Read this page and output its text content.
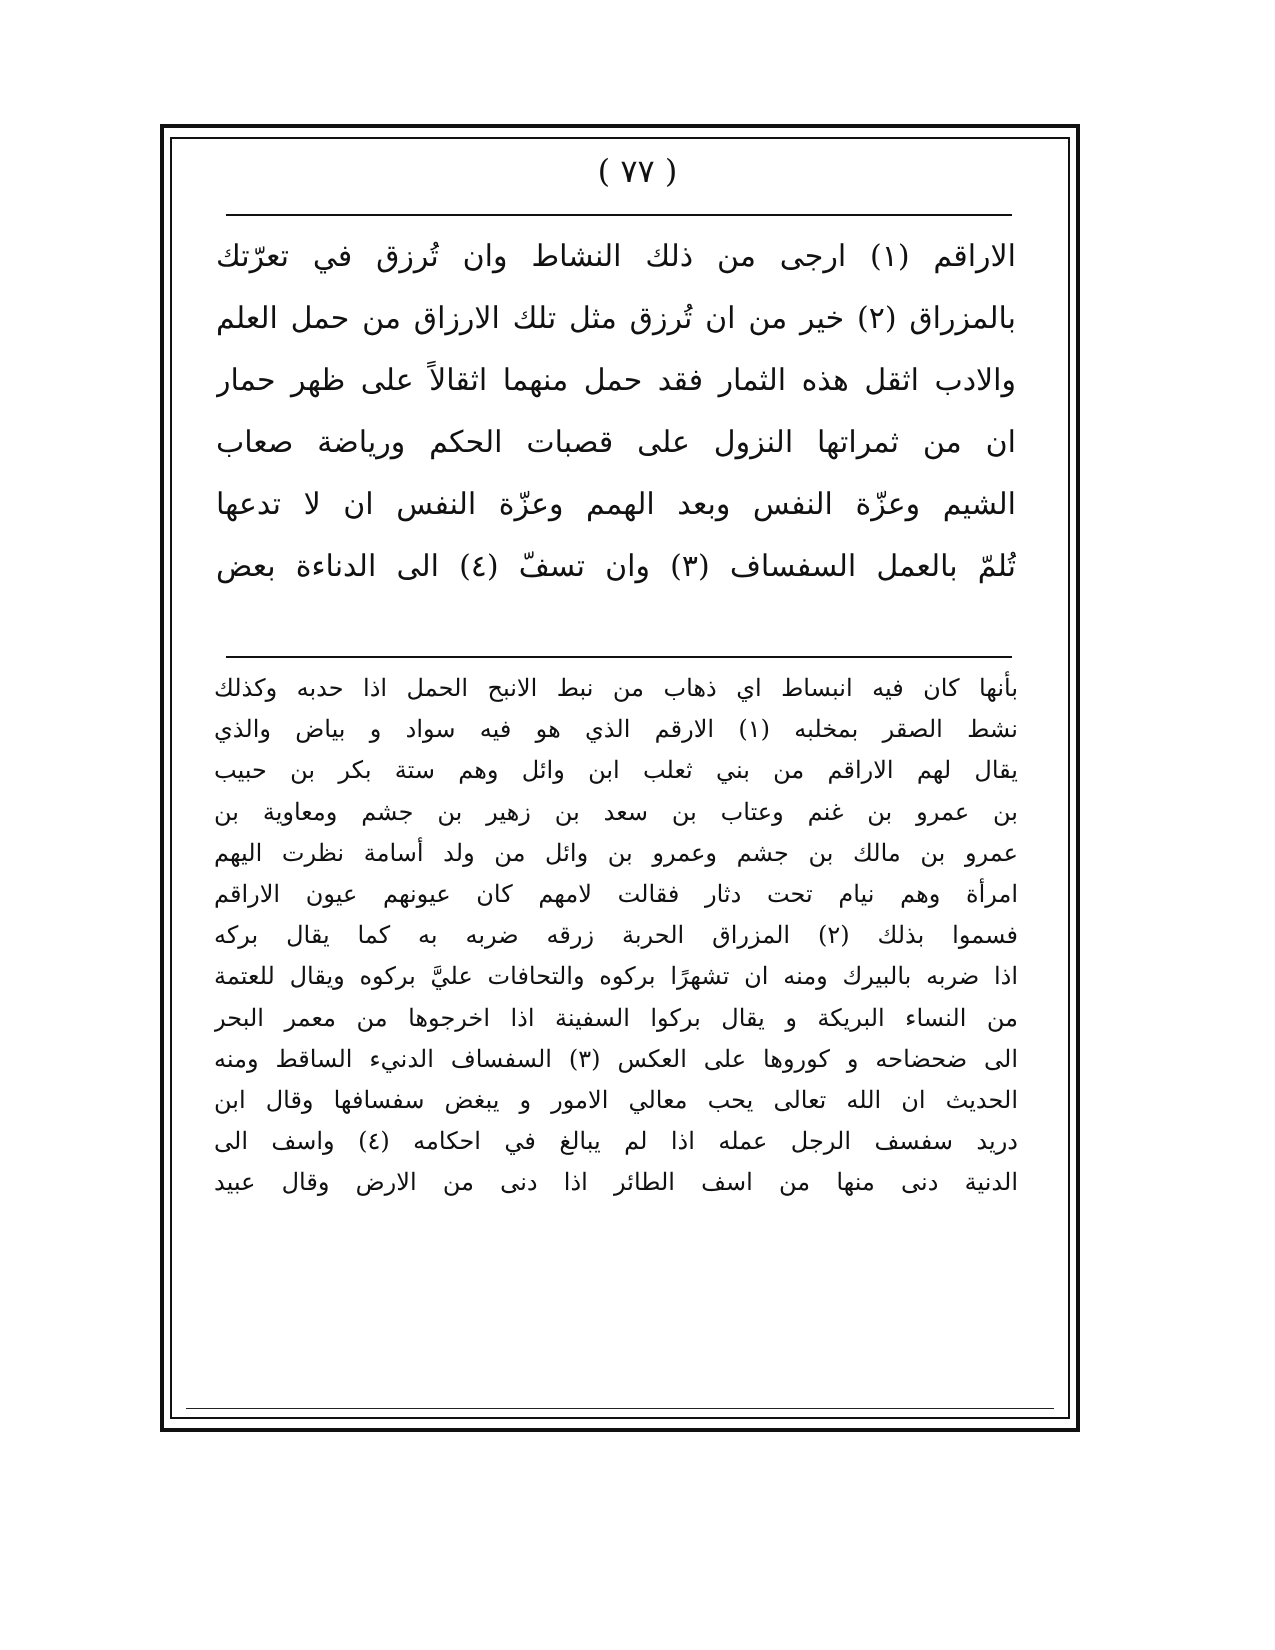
( ٧٧ )
الاراقم (١) ارجى من ذلك النشاط وان تُرزق في تعرّتك
بالمزراق (٢) خير من ان تُرزق مثل تلك الارزاق من حمل العلم
والادب اثقل هذه الثمار فقد حمل منهما اثقالاً على ظهر حمار
ان من ثمراتها النزول على قصبات الحكم ورياضة صعاب
الشيم وعزّة النفس وبعد الهمم وعزّة النفس ان لا تدعها
تُلمّ بالعمل السفساف (٣) وان تسفّ (٤) الى الدناءة بعض
بأنها كان فيه انبساط اي ذهاب من نبط الانبح الحمل اذا حدبه وكذلك
نشط الصقر بمخلبه (١) الارقم الذي هو فيه سواد و بياض والذي
يقال لهم الاراقم من بني ثعلب ابن وائل وهم ستة بكر بن حبيب
بن عمرو بن غنم وعتاب بن سعد بن زهير بن جشم ومعاوية بن
عمرو بن مالك بن جشم وعمرو بن وائل من ولد أسامة نظرت اليهم
امرأة وهم نيام تحت دثار فقالت لامهم كان عيونهم عيون الاراقم
فسموا بذلك (٢) المزراق الحربة زرقه ضربه به كما يقال بركه
اذا ضربه بالبيرك ومنه ان تشهرًا بركوه والتحافات عليَّ بركوه ويقال للعتمة
من النساء البريكة و يقال بركوا السفينة اذا اخرجوها من معمر البحر
الى ضحضاحه و كوروها على العكس (٣) السفساف الدنيء الساقط ومنه
الحديث ان الله تعالى يحب معالي الامور و يبغض سفسافها وقال ابن
دريد سفسف الرجل عمله اذا لم يبالغ في احكامه (٤) واسف الى
الدنية دنى منها من اسف الطائر اذا دنى من الارض وقال عبيد
